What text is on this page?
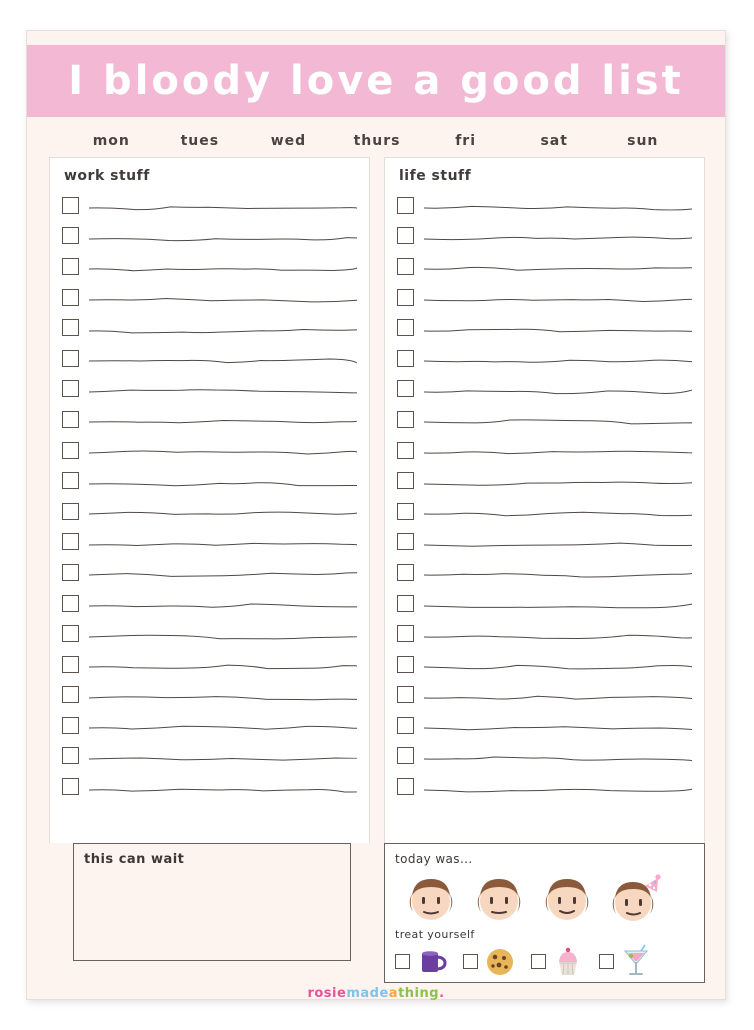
I bloody love a good list
mon	tues	wed	thurs	fri	sat	sun
work stuff	life stuff
this can wait	today was...
treat yourself
rosiemadeathing.
